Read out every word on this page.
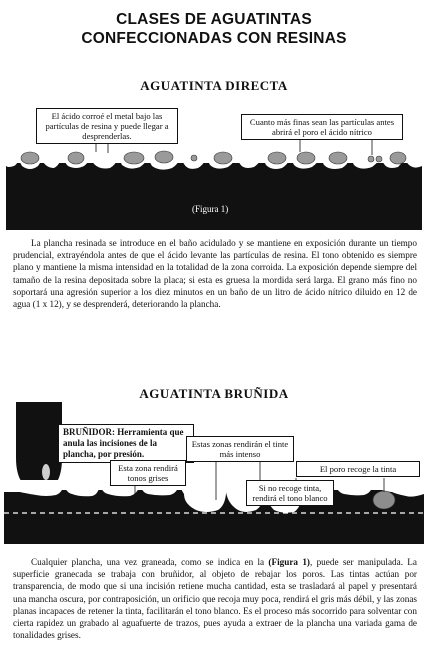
CLASES DE AGUATINTAS
CONFECCIONADAS CON RESINAS
AGUATINTA DIRECTA
El ácido corroé el metal bajo las partículas de resina y puede llegar a desprenderlas.
Cuanto más finas sean las partículas antes abrirá el poro el ácido nítrico
(Figura 1)
La plancha resinada se introduce en el baño acidulado y se mantiene en exposición durante un tiempo prudencial, extrayéndola antes de que el ácido levante las partículas de resina. El tono obtenido es siempre plano y mantiene la misma intensidad en la totalidad de la zona corroida. La exposición depende siempre del tamaño de la resina depositada sobre la placa; si esta es gruesa la mordida será larga. El grano más fino no soportará una agresión superior a los diez minutos en un baño de un litro de ácido nítrico diluido en 12 de agua (1 x 12), y se desprenderá, deteriorando la plancha.
AGUATINTA BRUÑIDA
BRUÑIDOR: Herramienta que anula las incisiones de la plancha, por presión.
Esta zona rendirá tonos grises
Estas zonas rendirán el tinte más intenso
Si no recoge tinta, rendirá el tono blanco
El poro recoge la tinta
Cualquier plancha, una vez graneada, como se indica en la (Figura 1), puede ser manipulada. La superficie granecada se trabaja con bruñidor, al objeto de rebajar los poros. Las tintas actúan por transparencia, de modo que si una incisión retiene mucha cantidad, esta se trasladará al papel y presentará una mancha oscura, por contraposición, un orificio que recoja muy poca, rendirá el gris más débil, y las zonas planas incapaces de retener la tinta, facilitarán el tono blanco. Es el proceso más socorrido para solventar con cierta rapidez un grabado al aguafuerte de trazos, pues ayuda a extraer de la plancha una variada gama de tonalidades grises.
